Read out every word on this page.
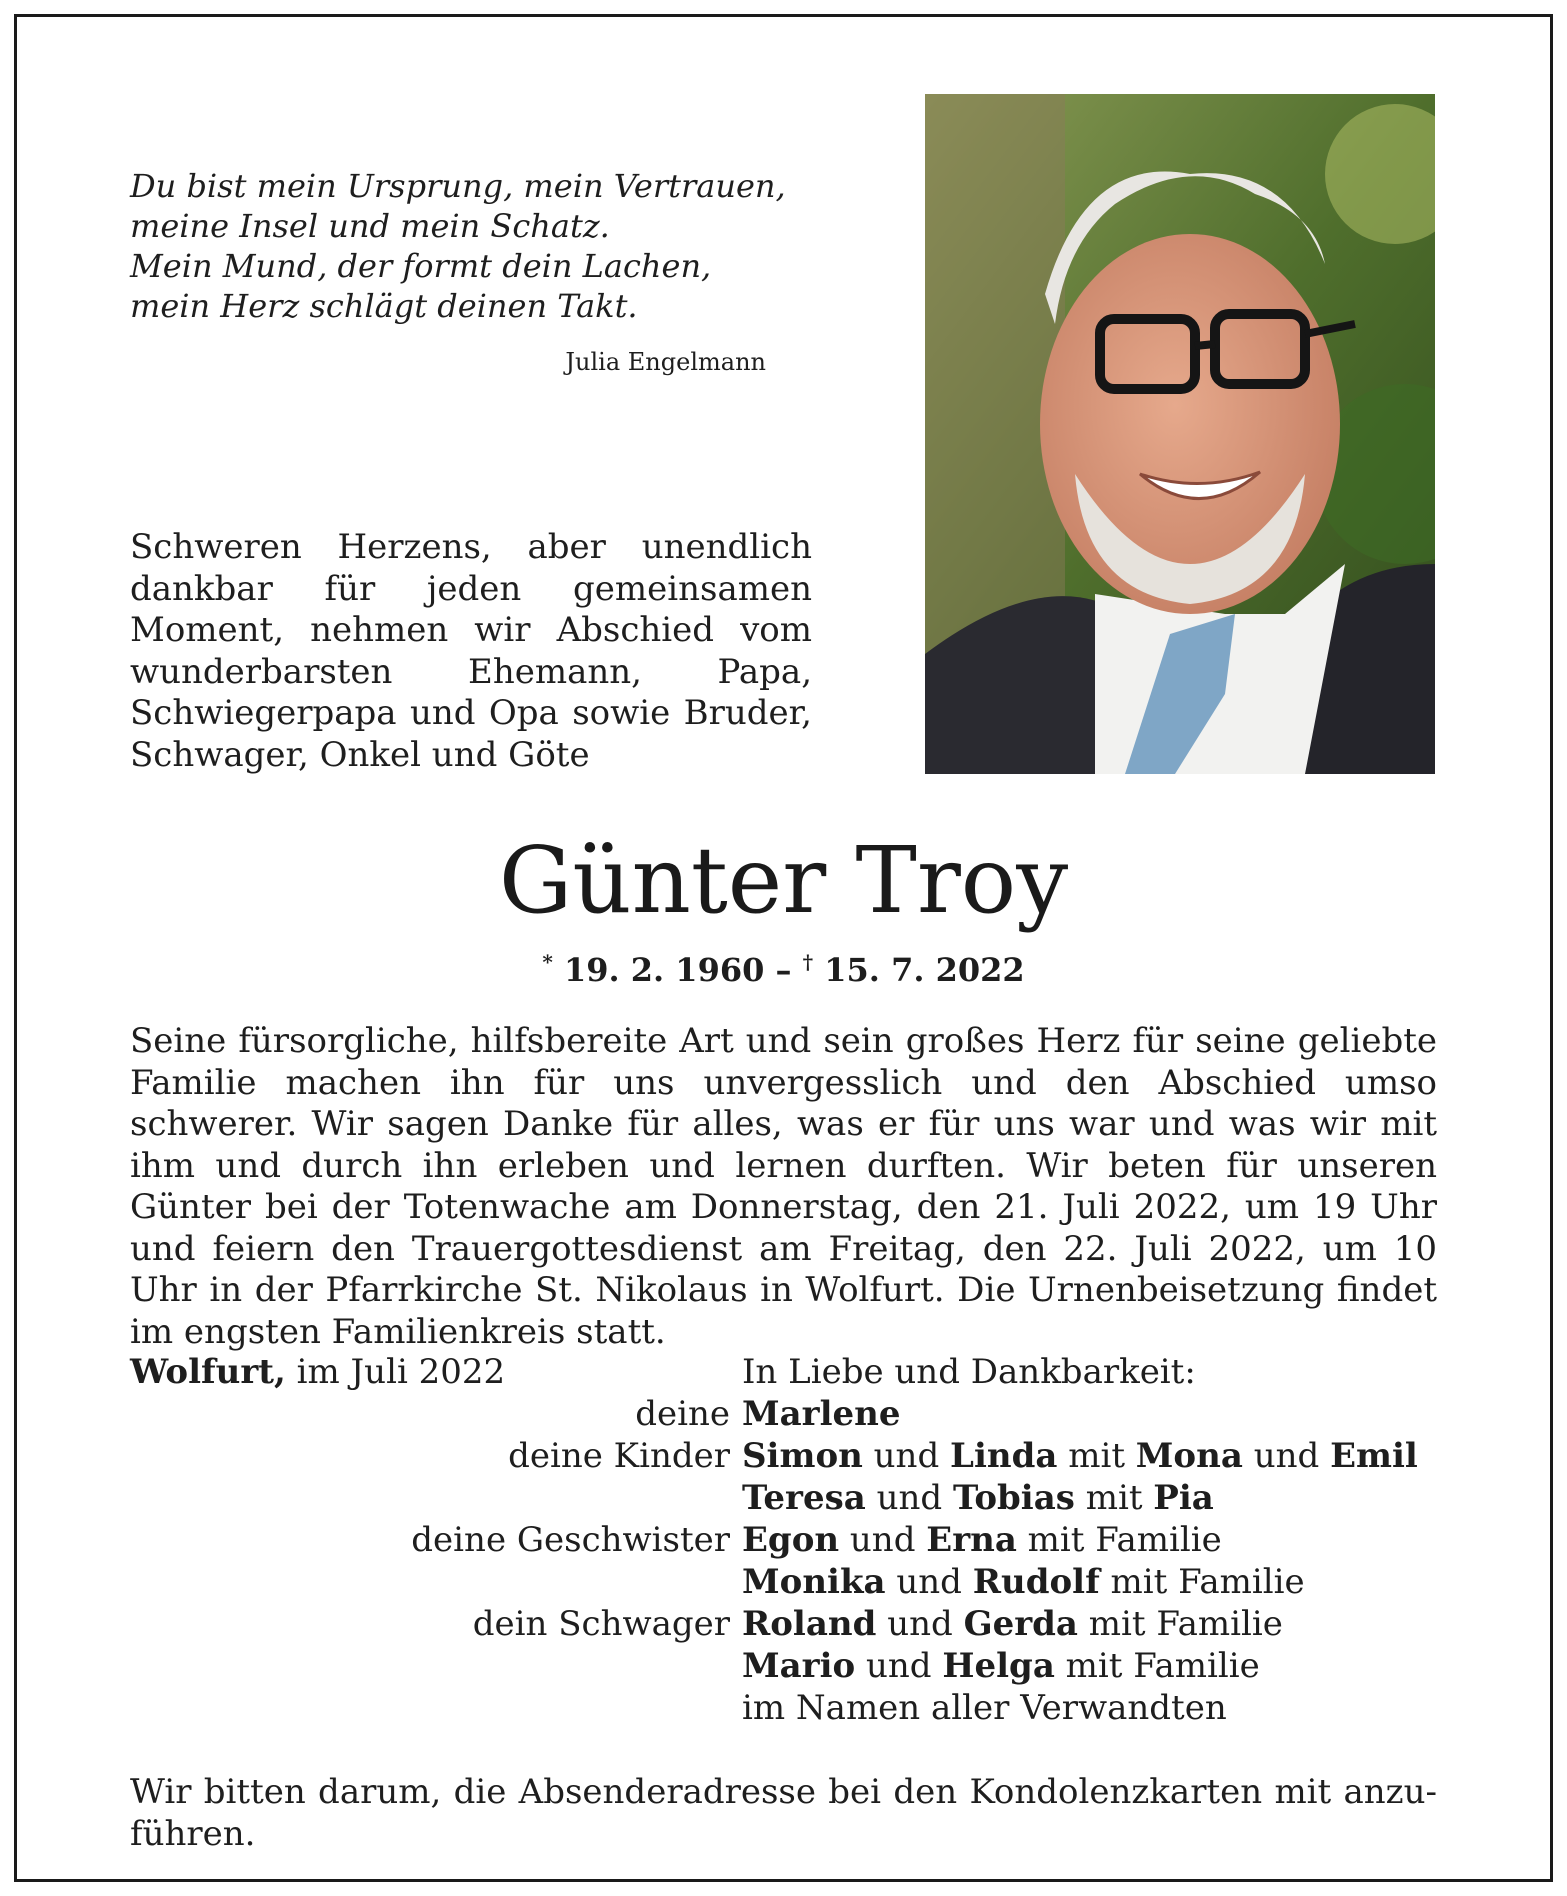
Du bist mein Ursprung, mein Vertrauen,
meine Insel und mein Schatz.
Mein Mund, der formt dein Lachen,
mein Herz schlägt deinen Takt.
Julia Engelmann
Schweren Herzens, aber unendlich dankbar für jeden gemeinsamen Moment, nehmen wir Abschied vom wunderbarsten Ehemann, Papa, Schwiegerpapa und Opa sowie Bruder, Schwager, Onkel und Göte
Günter Troy
* 19. 2. 1960 – † 15. 7. 2022
Seine fürsorgliche, hilfsbereite Art und sein großes Herz für seine geliebte Familie machen ihn für uns unvergesslich und den Abschied umso schwerer. Wir sagen Danke für alles, was er für uns war und was wir mit ihm und durch ihn erleben und lernen durften. Wir beten für unseren Günter bei der Totenwache am Donnerstag, den 21. Juli 2022, um 19 Uhr und feiern den Trauergottesdienst am Freitag, den 22. Juli 2022, um 10 Uhr in der Pfarrkirche St. Nikolaus in Wolfurt. Die Urnenbeisetzung findet im engsten Familienkreis statt.
Wolfurt, im Juli 2022	In Liebe und Dankbarkeit:
deine Marlene
deine Kinder Simon und Linda mit Mona und Emil
Teresa und Tobias mit Pia
deine Geschwister Egon und Erna mit Familie
Monika und Rudolf mit Familie
dein Schwager Roland und Gerda mit Familie
Mario und Helga mit Familie
im Namen aller Verwandten
Wir bitten darum, die Absenderadresse bei den Kondolenzkarten mit anzuführen.
